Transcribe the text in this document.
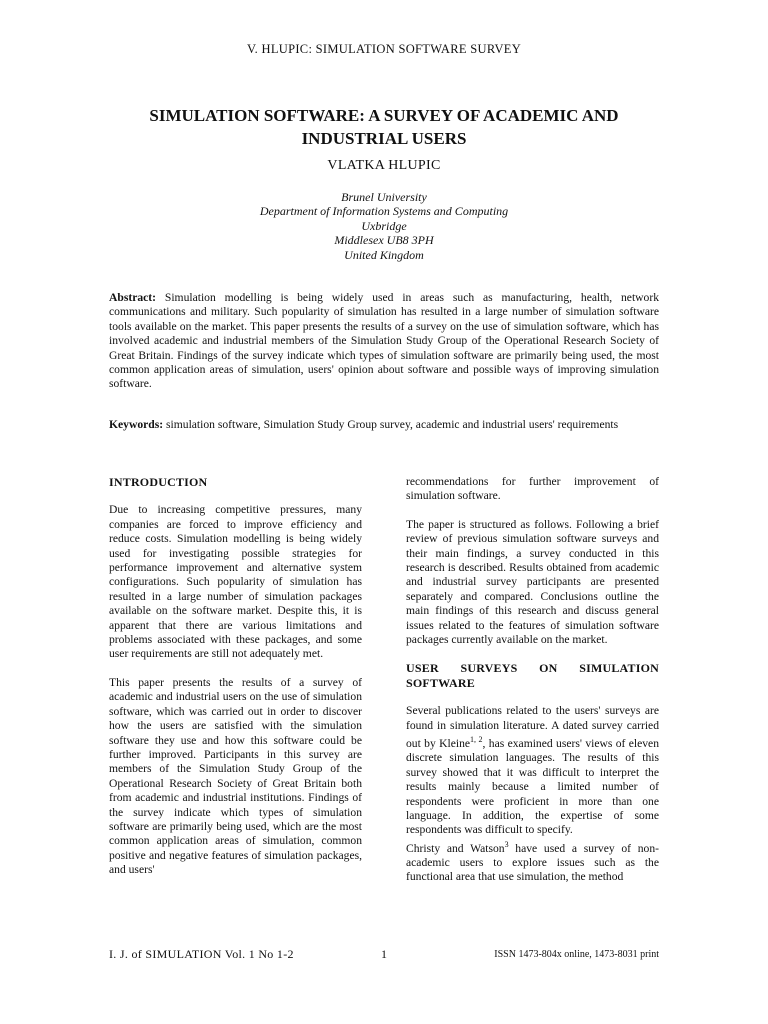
V. HLUPIC: SIMULATION SOFTWARE SURVEY
SIMULATION SOFTWARE: A SURVEY OF ACADEMIC AND INDUSTRIAL USERS
VLATKA HLUPIC
Brunel University
Department of Information Systems and Computing
Uxbridge
Middlesex UB8 3PH
United Kingdom
Abstract: Simulation modelling is being widely used in areas such as manufacturing, health, network communications and military. Such popularity of simulation has resulted in a large number of simulation software tools available on the market. This paper presents the results of a survey on the use of simulation software, which has involved academic and industrial members of the Simulation Study Group of the Operational Research Society of Great Britain. Findings of the survey indicate which types of simulation software are primarily being used, the most common application areas of simulation, users' opinion about software and possible ways of improving simulation software.
Keywords: simulation software, Simulation Study Group survey, academic and industrial users' requirements
INTRODUCTION

Due to increasing competitive pressures, many companies are forced to improve efficiency and reduce costs. Simulation modelling is being widely used for investigating possible strategies for performance improvement and alternative system configurations. Such popularity of simulation has resulted in a large number of simulation packages available on the software market. Despite this, it is apparent that there are various limitations and problems associated with these packages, and some user requirements are still not adequately met.

This paper presents the results of a survey of academic and industrial users on the use of simulation software, which was carried out in order to discover how the users are satisfied with the simulation software they use and how this software could be further improved. Participants in this survey are members of the Simulation Study Group of the Operational Research Society of Great Britain both from academic and industrial institutions. Findings of the survey indicate which types of simulation software are primarily being used, which are the most common application areas of simulation, common positive and negative features of simulation packages, and users'

recommendations for further improvement of simulation software.

The paper is structured as follows. Following a brief review of previous simulation software surveys and their main findings, a survey conducted in this research is described. Results obtained from academic and industrial survey participants are presented separately and compared. Conclusions outline the main findings of this research and discuss general issues related to the features of simulation software packages currently available on the market.

USER SURVEYS ON SIMULATION SOFTWARE

Several publications related to the users' surveys are found in simulation literature. A dated survey carried out by Kleine$^{1, 2}$, has examined users' views of eleven discrete simulation languages. The results of this survey showed that it was difficult to interpret the results mainly because a limited number of respondents were proficient in more than one language. In addition, the expertise of some respondents was difficult to specify.

Christy and Watson$^3$ have used a survey of non-academic users to explore issues such as the functional area that use simulation, the method

I. J. of SIMULATION Vol. 1 No 1-2	1	ISSN 1473-804x online, 1473-8031 print
